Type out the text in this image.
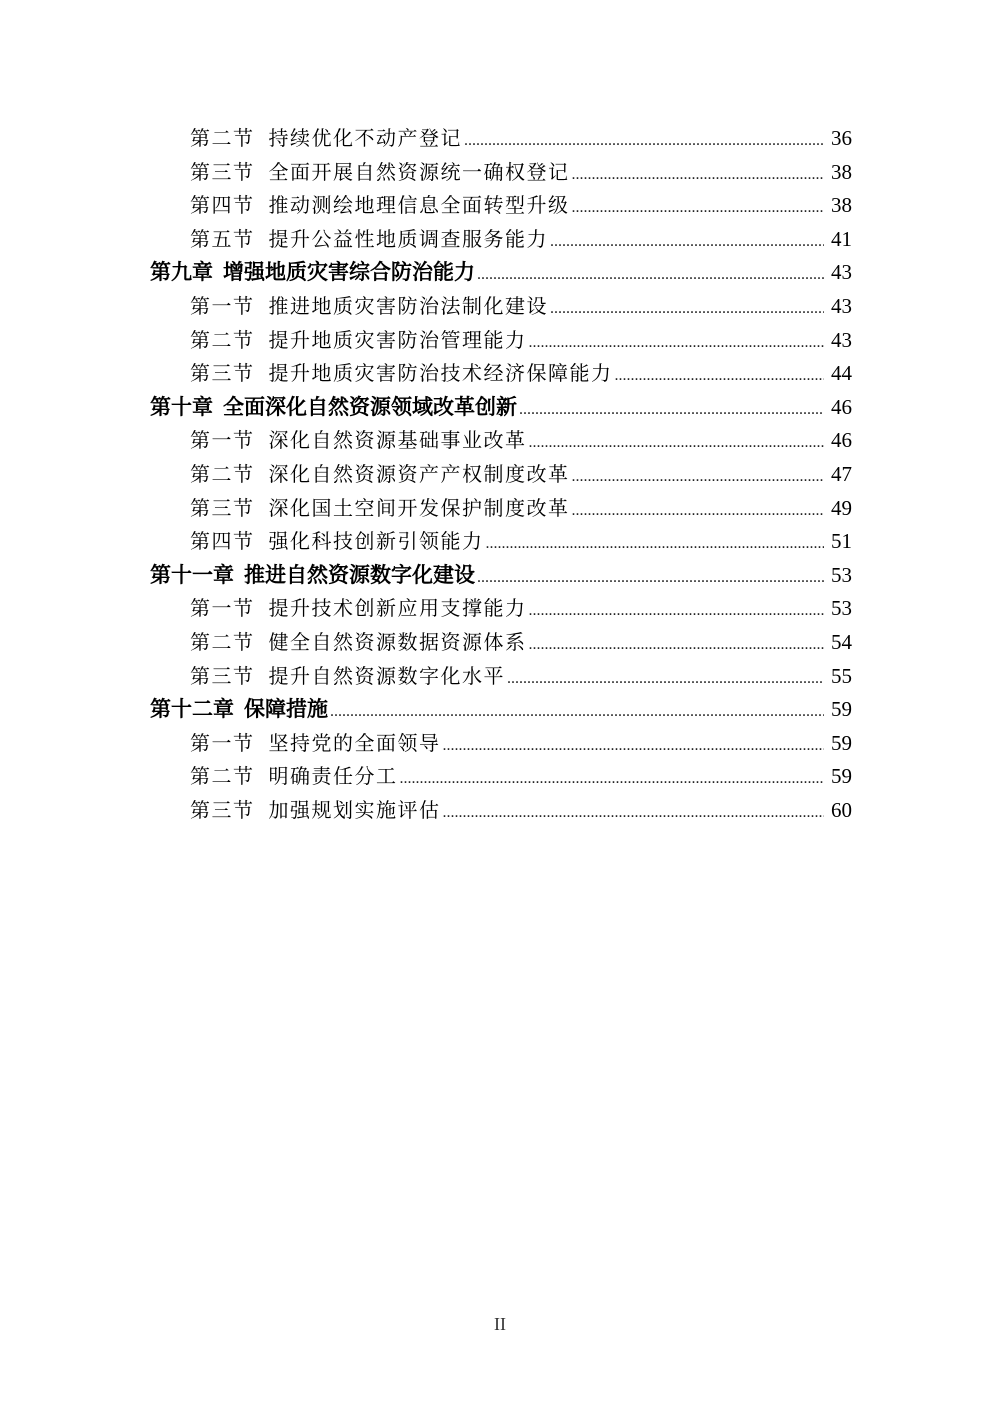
第二节 持续优化不动产登记 .....	36
第三节 全面开展自然资源统一确权登记 .....	38
第四节 推动测绘地理信息全面转型升级 .....	38
第五节 提升公益性地质调查服务能力 .....	41
第九章 增强地质灾害综合防治能力 .....	43
第一节 推进地质灾害防治法制化建设 .....	43
第二节 提升地质灾害防治管理能力 .....	43
第三节 提升地质灾害防治技术经济保障能力 .....	44
第十章 全面深化自然资源领域改革创新 .....	46
第一节 深化自然资源基础事业改革 .....	46
第二节 深化自然资源资产产权制度改革 .....	47
第三节 深化国土空间开发保护制度改革 .....	49
第四节 强化科技创新引领能力 .....	51
第十一章 推进自然资源数字化建设 .....	53
第一节 提升技术创新应用支撑能力 .....	53
第二节 健全自然资源数据资源体系 .....	54
第三节 提升自然资源数字化水平 .....	55
第十二章 保障措施 .....	59
第一节 坚持党的全面领导 .....	59
第二节 明确责任分工 .....	59
第三节 加强规划实施评估 .....	60
II
